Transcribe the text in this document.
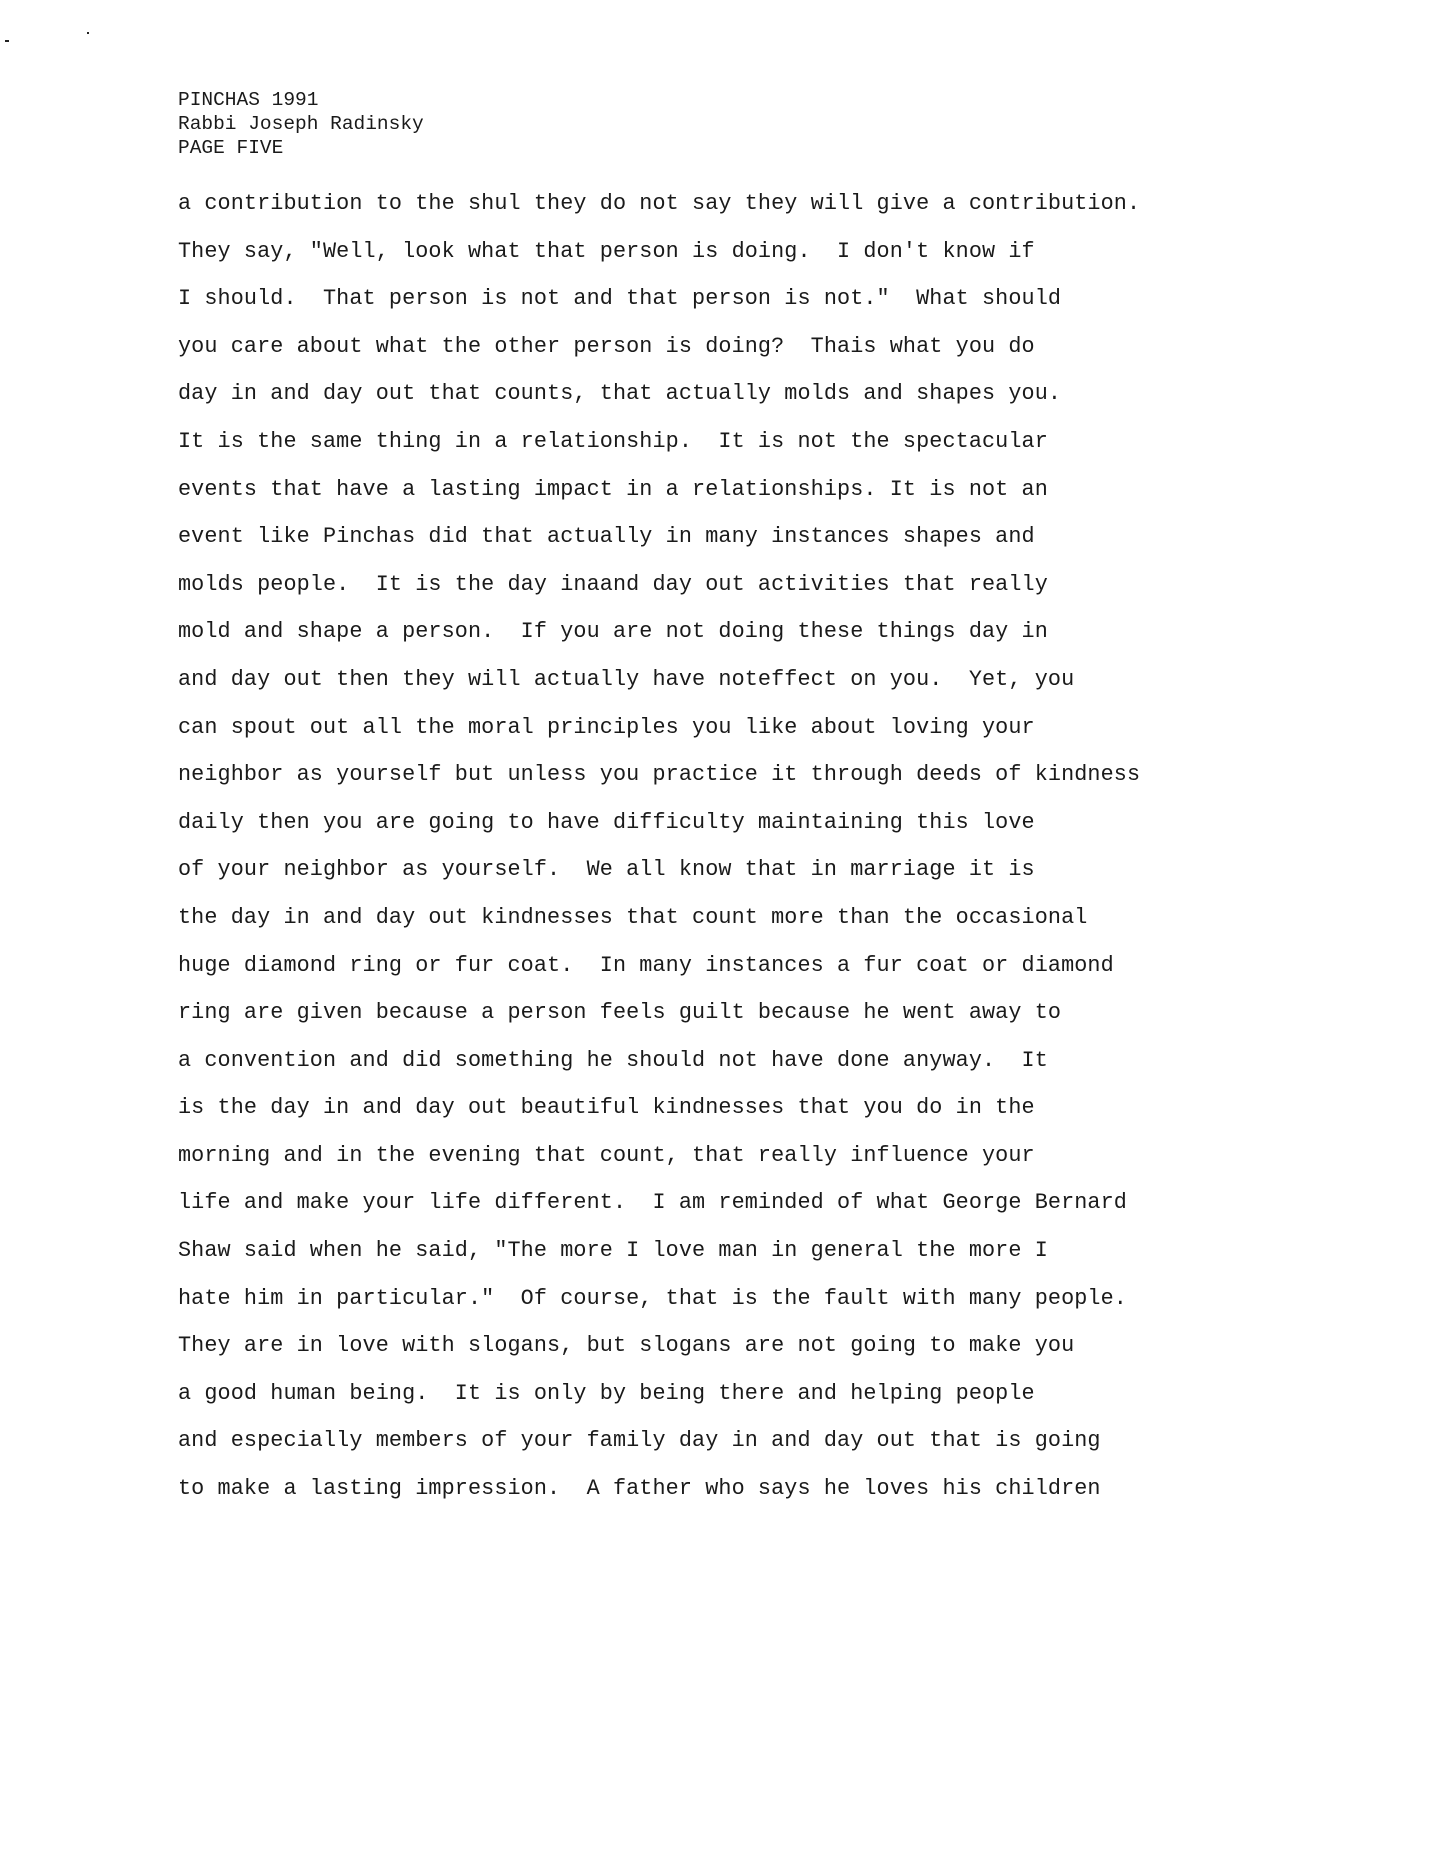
PINCHAS 1991
Rabbi Joseph Radinsky
PAGE FIVE
a contribution to the shul they do not say they will give a contribution.
They say, "Well, look what that person is doing.  I don't know if
I should.  That person is not and that person is not."  What should
you care about what the other person is doing?  Thais what you do
day in and day out that counts, that actually molds and shapes you.
It is the same thing in a relationship.  It is not the spectacular
events that have a lasting impact in a relationships. It is not an
event like Pinchas did that actually in many instances shapes and
molds people.  It is the day inaand day out activities that really
mold and shape a person.  If you are not doing these things day in
and day out then they will actually have noteffect on you.  Yet, you
can spout out all the moral principles you like about loving your
neighbor as yourself but unless you practice it through deeds of kindness
daily then you are going to have difficulty maintaining this love
of your neighbor as yourself.  We all know that in marriage it is
the day in and day out kindnesses that count more than the occasional
huge diamond ring or fur coat.  In many instances a fur coat or diamond
ring are given because a person feels guilt because he went away to
a convention and did something he should not have done anyway.  It
is the day in and day out beautiful kindnesses that you do in the
morning and in the evening that count, that really influence your
life and make your life different.  I am reminded of what George Bernard
Shaw said when he said, "The more I love man in general the more I
hate him in particular."  Of course, that is the fault with many people.
They are in love with slogans, but slogans are not going to make you
a good human being.  It is only by being there and helping people
and especially members of your family day in and day out that is going
to make a lasting impression.  A father who says he loves his children
